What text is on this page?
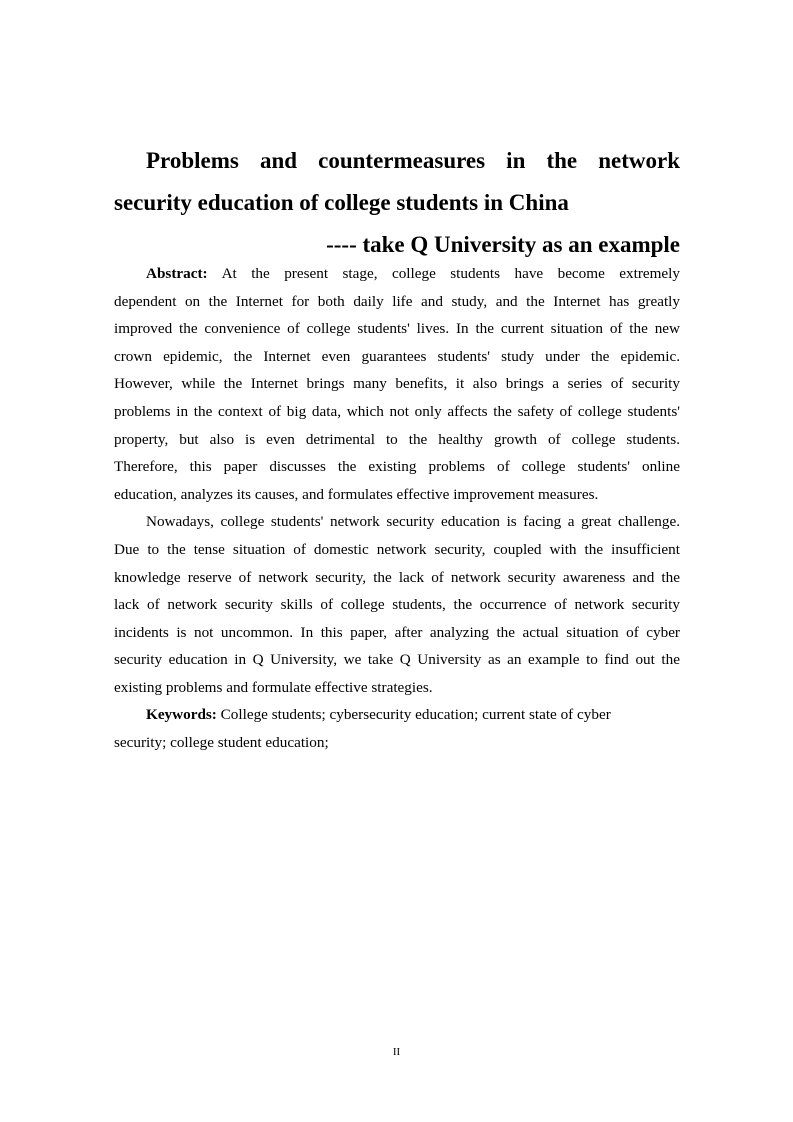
Problems and countermeasures in the network
security education of college students in China
---- take Q University as an example
Abstract: At the present stage, college students have become extremely
dependent on the Internet for both daily life and study, and the Internet has greatly
improved the convenience of college students' lives. In the current situation of the new
crown epidemic, the Internet even guarantees students' study under the epidemic.
However, while the Internet brings many benefits, it also brings a series of security
problems in the context of big data, which not only affects the safety of college students'
property, but also is even detrimental to the healthy growth of college students.
Therefore, this paper discusses the existing problems of college students' online
education, analyzes its causes, and formulates effective improvement measures.
Nowadays, college students' network security education is facing a great challenge.
Due to the tense situation of domestic network security, coupled with the insufficient
knowledge reserve of network security, the lack of network security awareness and the
lack of network security skills of college students, the occurrence of network security
incidents is not uncommon. In this paper, after analyzing the actual situation of cyber
security education in Q University, we take Q University as an example to find out the
existing problems and formulate effective strategies.
Keywords: College students; cybersecurity education; current state of cyber
security; college student education;
II
